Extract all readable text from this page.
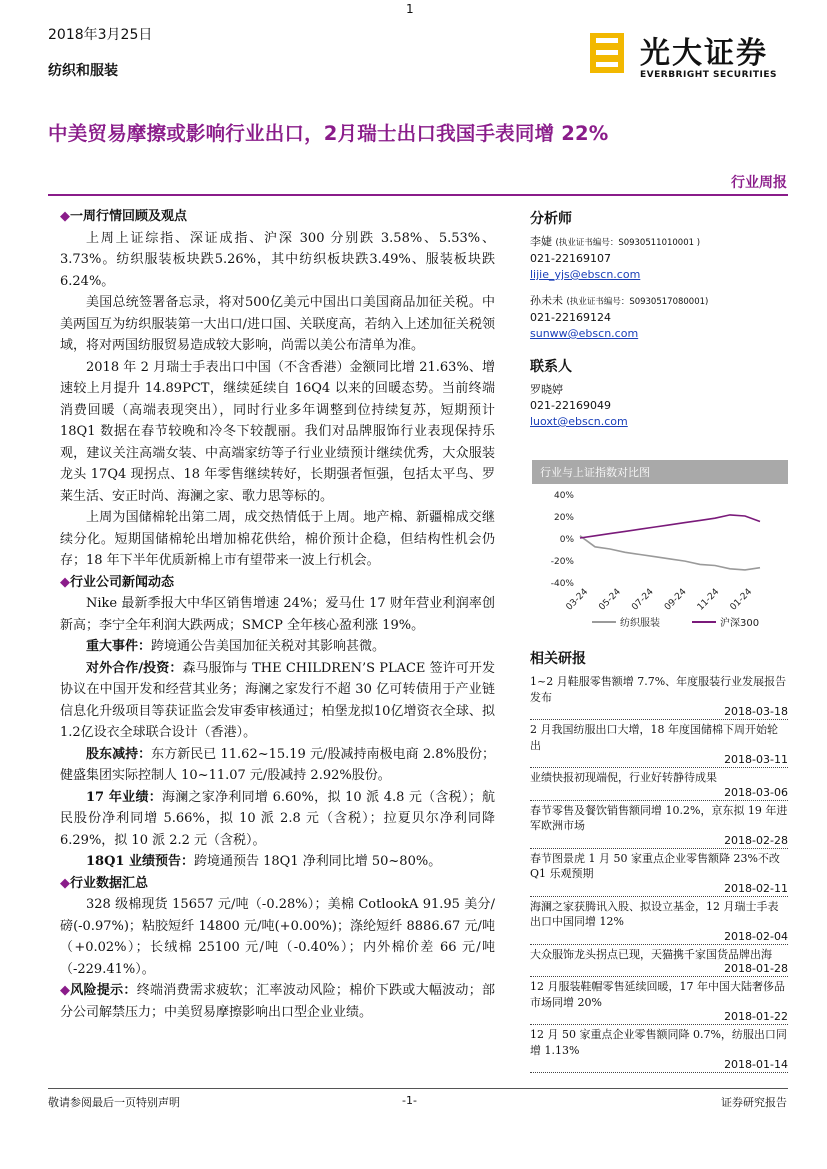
1
2018年3月25日
纺织和服装	光大证券
EVERBRIGHT SECURITIES
中美贸易摩擦或影响行业出口，2月瑞士出口我国手表同增 22%
行业周报
◆一周行情回顾及观点

上周上证综指、深证成指、沪深 300 分别跌 3.58%、5.53%、3.73%。纺织服装板块跌5.26%，其中纺织板块跌3.49%、服装板块跌6.24%。

美国总统签署备忘录，将对500亿美元中国出口美国商品加征关税。中美两国互为纺织服装第一大出口/进口国、关联度高，若纳入上述加征关税领域，将对两国纺服贸易造成较大影响，尚需以美公布清单为准。

2018 年 2 月瑞士手表出口中国（不含香港）金额同比增 21.63%、增速较上月提升 14.89PCT，继续延续自 16Q4 以来的回暖态势。当前终端消费回暖（高端表现突出），同时行业多年调整到位持续复苏，短期预计 18Q1 数据在春节较晚和冷冬下较靓丽。我们对品牌服饰行业表现保持乐观，建议关注高端女装、中高端家纺等子行业业绩预计继续优秀，大众服装龙头 17Q4 现拐点、18 年零售继续转好，长期强者恒强，包括太平鸟、罗莱生活、安正时尚、海澜之家、歌力思等标的。

上周为国储棉轮出第二周，成交热情低于上周。地产棉、新疆棉成交继续分化。短期国储棉轮出增加棉花供给，棉价预计企稳，但结构性机会仍存；18 年下半年优质新棉上市有望带来一波上行机会。

◆行业公司新闻动态

Nike 最新季报大中华区销售增速 24%；爱马仕 17 财年营业利润率创新高；李宁全年利润大跌两成；SMCP 全年核心盈利涨 19%。

重大事件：跨境通公告美国加征关税对其影响甚微。

对外合作/投资：森马服饰与 THE CHILDREN’S PLACE 签许可开发协议在中国开发和经营其业务；海澜之家发行不超 30 亿可转债用于产业链信息化升级项目等获证监会发审委审核通过；柏堡龙拟10亿增资衣全球、拟1.2亿设衣全球联合设计（香港）。

股东减持：东方新民已 11.62~15.19 元/股减持南极电商 2.8%股份；健盛集团实际控制人 10~11.07 元/股减持 2.92%股份。

17 年业绩：海澜之家净利同增 6.60%，拟 10 派 4.8 元（含税）；航民股份净利同增 5.66%，拟 10 派 2.8 元（含税）；拉夏贝尔净利同降 6.29%，拟 10 派 2.2 元（含税）。

18Q1 业绩预告：跨境通预告 18Q1 净利同比增 50~80%。

◆行业数据汇总

328 级棉现货 15657 元/吨（-0.28%）；美棉 CotlookA 91.95 美分/磅(-0.97%)；粘胶短纤 14800 元/吨(+0.00%)；涤纶短纤 8886.67 元/吨（+0.02%）；长绒棉 25100 元/吨（-0.40%）；内外棉价差 66 元/吨（-229.41%）。

◆风险提示：终端消费需求疲软；汇率波动风险；棉价下跌或大幅波动；部分公司解禁压力；中美贸易摩擦影响出口型企业业绩。

分析师
李婕 (执业证书编号：S0930511010001 )
021-22169107
lijie_yjs@ebscn.com
孙未未 (执业证书编号：S0930517080001)
021-22169124
sunww@ebscn.com
联系人
罗晓婷
021-22169049
luoxt@ebscn.com
行业与上证指数对比图
40%
20%
0%
-20%
-40%
03-24 05-24 07-24 09-24 11-24 01-24
纺织服装	沪深300
相关研报
1~2 月鞋服零售额增 7.7%、年度服装行业发展报告发布
2018-03-18
2 月我国纺服出口大增，18 年度国储棉下周开始轮出
2018-03-11
业绩快报初现端倪，行业好转静待成果
2018-03-06
春节零售及餐饮销售额同增 10.2%，京东拟 19 年进军欧洲市场
2018-02-28
春节图景虎 1 月 50 家重点企业零售额降 23%不改 Q1 乐观预期
2018-02-11
海澜之家获腾讯入股、拟设立基金，12 月瑞士手表出口中国同增 12%
2018-02-04
大众服饰龙头拐点已现，天猫携千家国货品牌出海
2018-01-28
12 月服装鞋帽零售延续回暖，17 年中国大陆奢侈品市场同增 20%
2018-01-22
12 月 50 家重点企业零售额同降 0.7%，纺服出口同增 1.13%
2018-01-14
敬请参阅最后一页特别声明	-1-	证券研究报告
